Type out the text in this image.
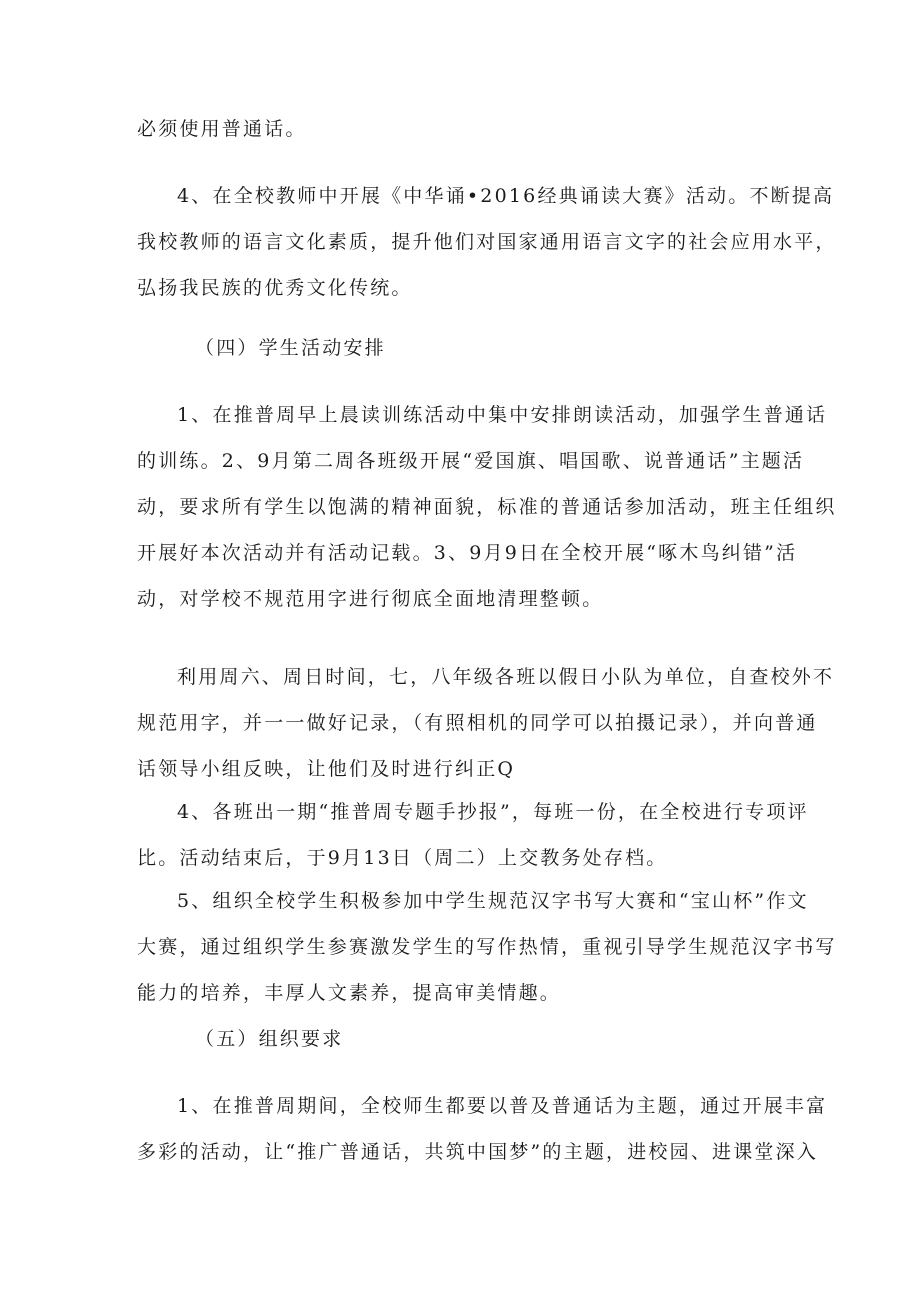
必须使用普通话。

4、在全校教师中开展《中华诵•2016经典诵读大赛》活动。不断提高
我校教师的语言文化素质，提升他们对国家通用语言文字的社会应用水平，
弘扬我民族的优秀文化传统。

（四）学生活动安排

1、在推普周早上晨读训练活动中集中安排朗读活动，加强学生普通话
的训练。2、9月第二周各班级开展“爱国旗、唱国歌、说普通话”主题活
动，要求所有学生以饱满的精神面貌，标准的普通话参加活动，班主任组织
开展好本次活动并有活动记载。3、9月9日在全校开展“啄木鸟纠错”活
动，对学校不规范用字进行彻底全面地清理整顿。

利用周六、周日时间，七，八年级各班以假日小队为单位，自查校外不
规范用字，并一一做好记录，（有照相机的同学可以拍摄记录），并向普通
话领导小组反映，让他们及时进行纠正Q

4、各班出一期“推普周专题手抄报”，每班一份，在全校进行专项评
比。活动结束后，于9月13日（周二）上交教务处存档。

5、组织全校学生积极参加中学生规范汉字书写大赛和“宝山杯”作文
大赛，通过组织学生参赛激发学生的写作热情，重视引导学生规范汉字书写
能力的培养，丰厚人文素养，提高审美情趣。

（五）组织要求

1、在推普周期间，全校师生都要以普及普通话为主题，通过开展丰富
多彩的活动，让“推广普通话，共筑中国梦”的主题，进校园、进课堂深入
